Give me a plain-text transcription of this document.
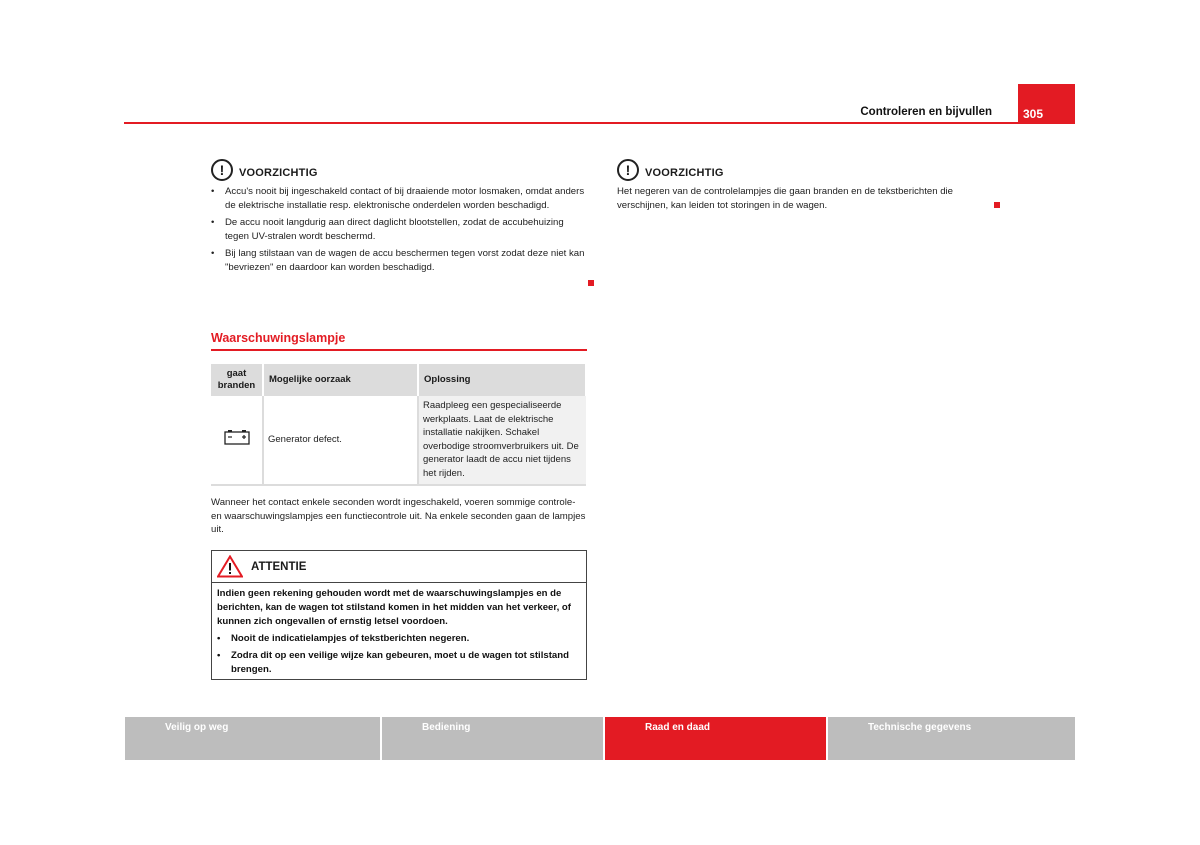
Controleren en bijvullen	305
!	VOORZICHTIG
•	Accu's nooit bij ingeschakeld contact of bij draaiende motor losmaken, omdat anders de elektrische installatie resp. elektronische onderdelen worden beschadigd.
•	De accu nooit langdurig aan direct daglicht blootstellen, zodat de accubehuizing tegen UV-stralen wordt beschermd.
•	Bij lang stilstaan van de wagen de accu beschermen tegen vorst zodat deze niet kan "bevriezen" en daardoor kan worden beschadigd.
!	VOORZICHTIG
Het negeren van de controlelampjes die gaan branden en de tekstberichten die verschijnen, kan leiden tot storingen in de wagen.
Waarschuwingslampje
gaat branden	Mogelijke oorzaak	Oplossing
	Generator defect.	Raadpleeg een gespecialiseerde werkplaats. Laat de elektrische installatie nakijken. Schakel overbodige stroomverbruikers uit. De generator laadt de accu niet tijdens het rijden.
Wanneer het contact enkele seconden wordt ingeschakeld, voeren sommige controle- en waarschuwingslampjes een functiecontrole uit. Na enkele seconden gaan de lampjes uit.
ATTENTIE
Indien geen rekening gehouden wordt met de waarschuwingslampjes en de berichten, kan de wagen tot stilstand komen in het midden van het verkeer, of kunnen zich ongevallen of ernstig letsel voordoen.
•	Nooit de indicatielampjes of tekstberichten negeren.
•	Zodra dit op een veilige wijze kan gebeuren, moet u de wagen tot stilstand brengen.
Veilig op weg	Bediening	Raad en daad	Technische gegevens
